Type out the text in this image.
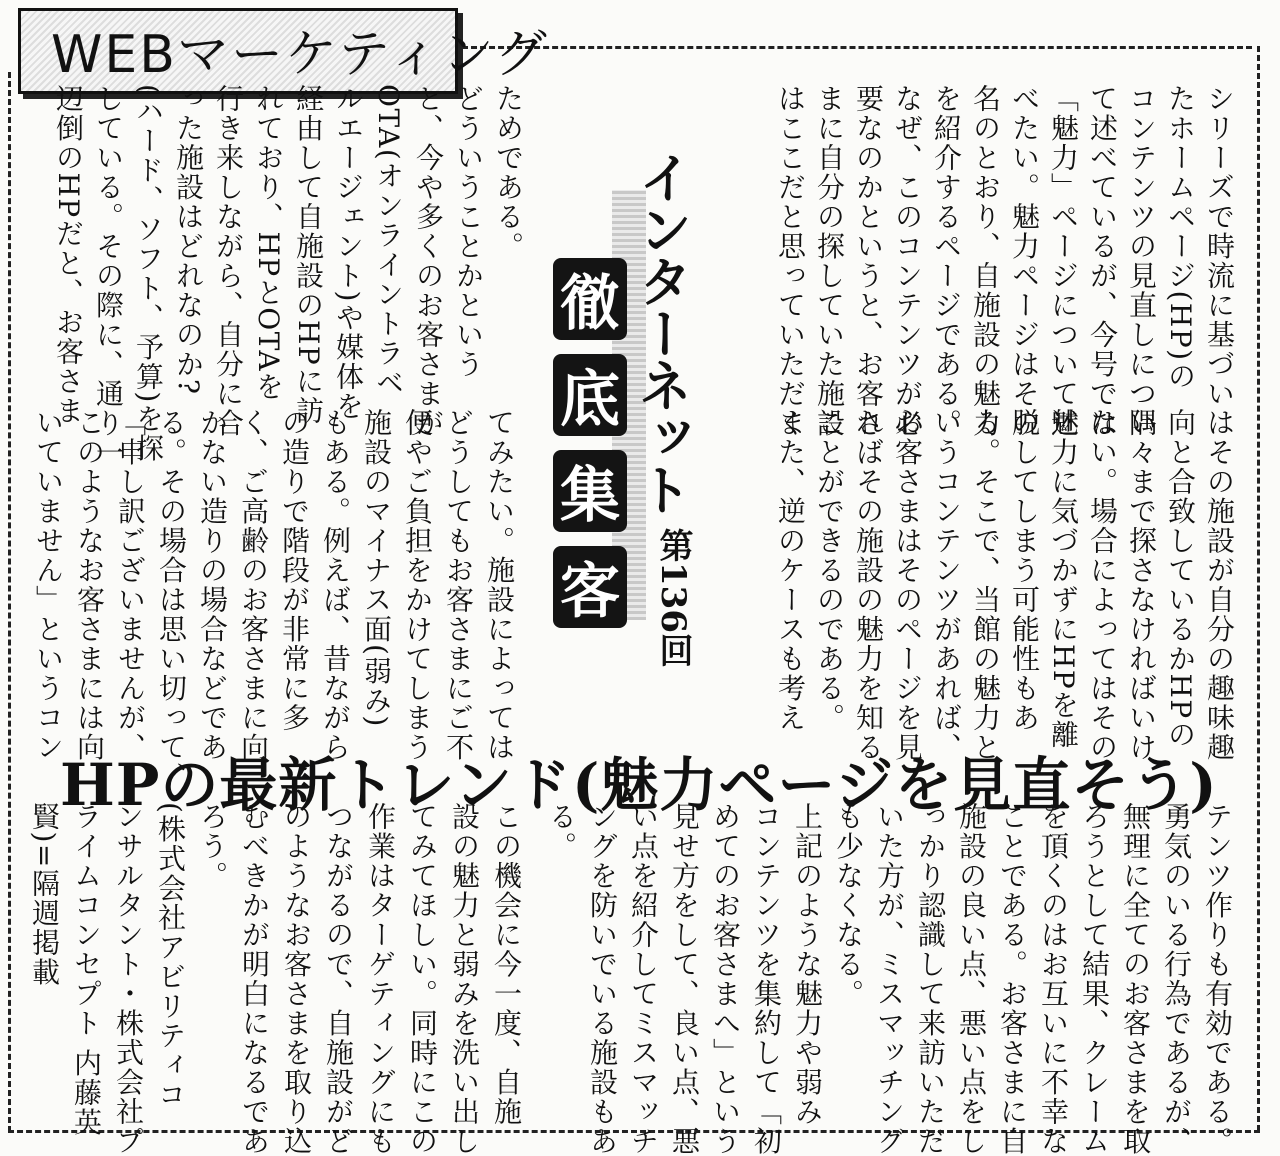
WEBマーケティング
インターネット
徹
底
集
客 第136回
HPの最新トレンド(魅力ページを見直そう)
シリーズで時流に基づい
たホームページ(HP)の
コンテンツの見直しについ
て述べているが、今号では
「魅力」ページについて述
べたい。魅力ページはその
名のとおり、自施設の魅力
を紹介するページである。
なぜ、このコンテンツが必
要なのかというと、お客さ
まに自分の探していた施設
はここだと思っていただく
ためである。
どういうことかという
と、今や多くのお客さまが
OTA(オンライントラベ
ルエージェント)や媒体を
経由して自施設のHPに訪
れており、HPとOTAを
行き来しながら、自分に合
った施設はどれなのか?
(ハード、ソフト、予算)を探
している。その際に、通り一
辺倒のHPだと、お客さま
はその施設が自分の趣味趣
向と合致しているかHPの
隅々まで探さなければいけ
ない。場合によってはその
魅力に気づかずにHPを離
脱してしまう可能性もあ
る。そこで、当館の魅力と
いうコンテンツがあれば、
お客さまはそのページを見
ればその施設の魅力を知る
ことができるのである。
また、逆のケースも考え
てみたい。施設によっては
どうしてもお客さまにご不
便やご負担をかけてしまう
施設のマイナス面(弱み)
もある。例えば、昔ながら
の造りで階段が非常に多
く、ご高齢のお客さまに向
かない造りの場合などであ
る。その場合は思い切って、
「申し訳ございませんが、
このようなお客さまには向
いていません」というコン
テンツ作りも有効である。
勇気のいる行為であるが、
無理に全てのお客さまを取
ろうとして結果、クレーム
を頂くのはお互いに不幸な
ことである。お客さまに自
施設の良い点、悪い点をし
っかり認識して来訪いただ
いた方が、ミスマッチング
も少なくなる。
上記のような魅力や弱み
コンテンツを集約して「初
めてのお客さまへ」という
見せ方をして、良い点、悪
い点を紹介してミスマッチ
ングを防いでいる施設もあ
る。
この機会に今一度、自施
設の魅力と弱みを洗い出し
てみてほしい。同時にこの
作業はターゲティングにも
つながるので、自施設がど
のようなお客さまを取り込
むべきかが明白になるであ
ろう。
(株式会社アビリティコ
ンサルタント・株式会社プ
ライムコンセプト 内藤英
賢)=隔週掲載
